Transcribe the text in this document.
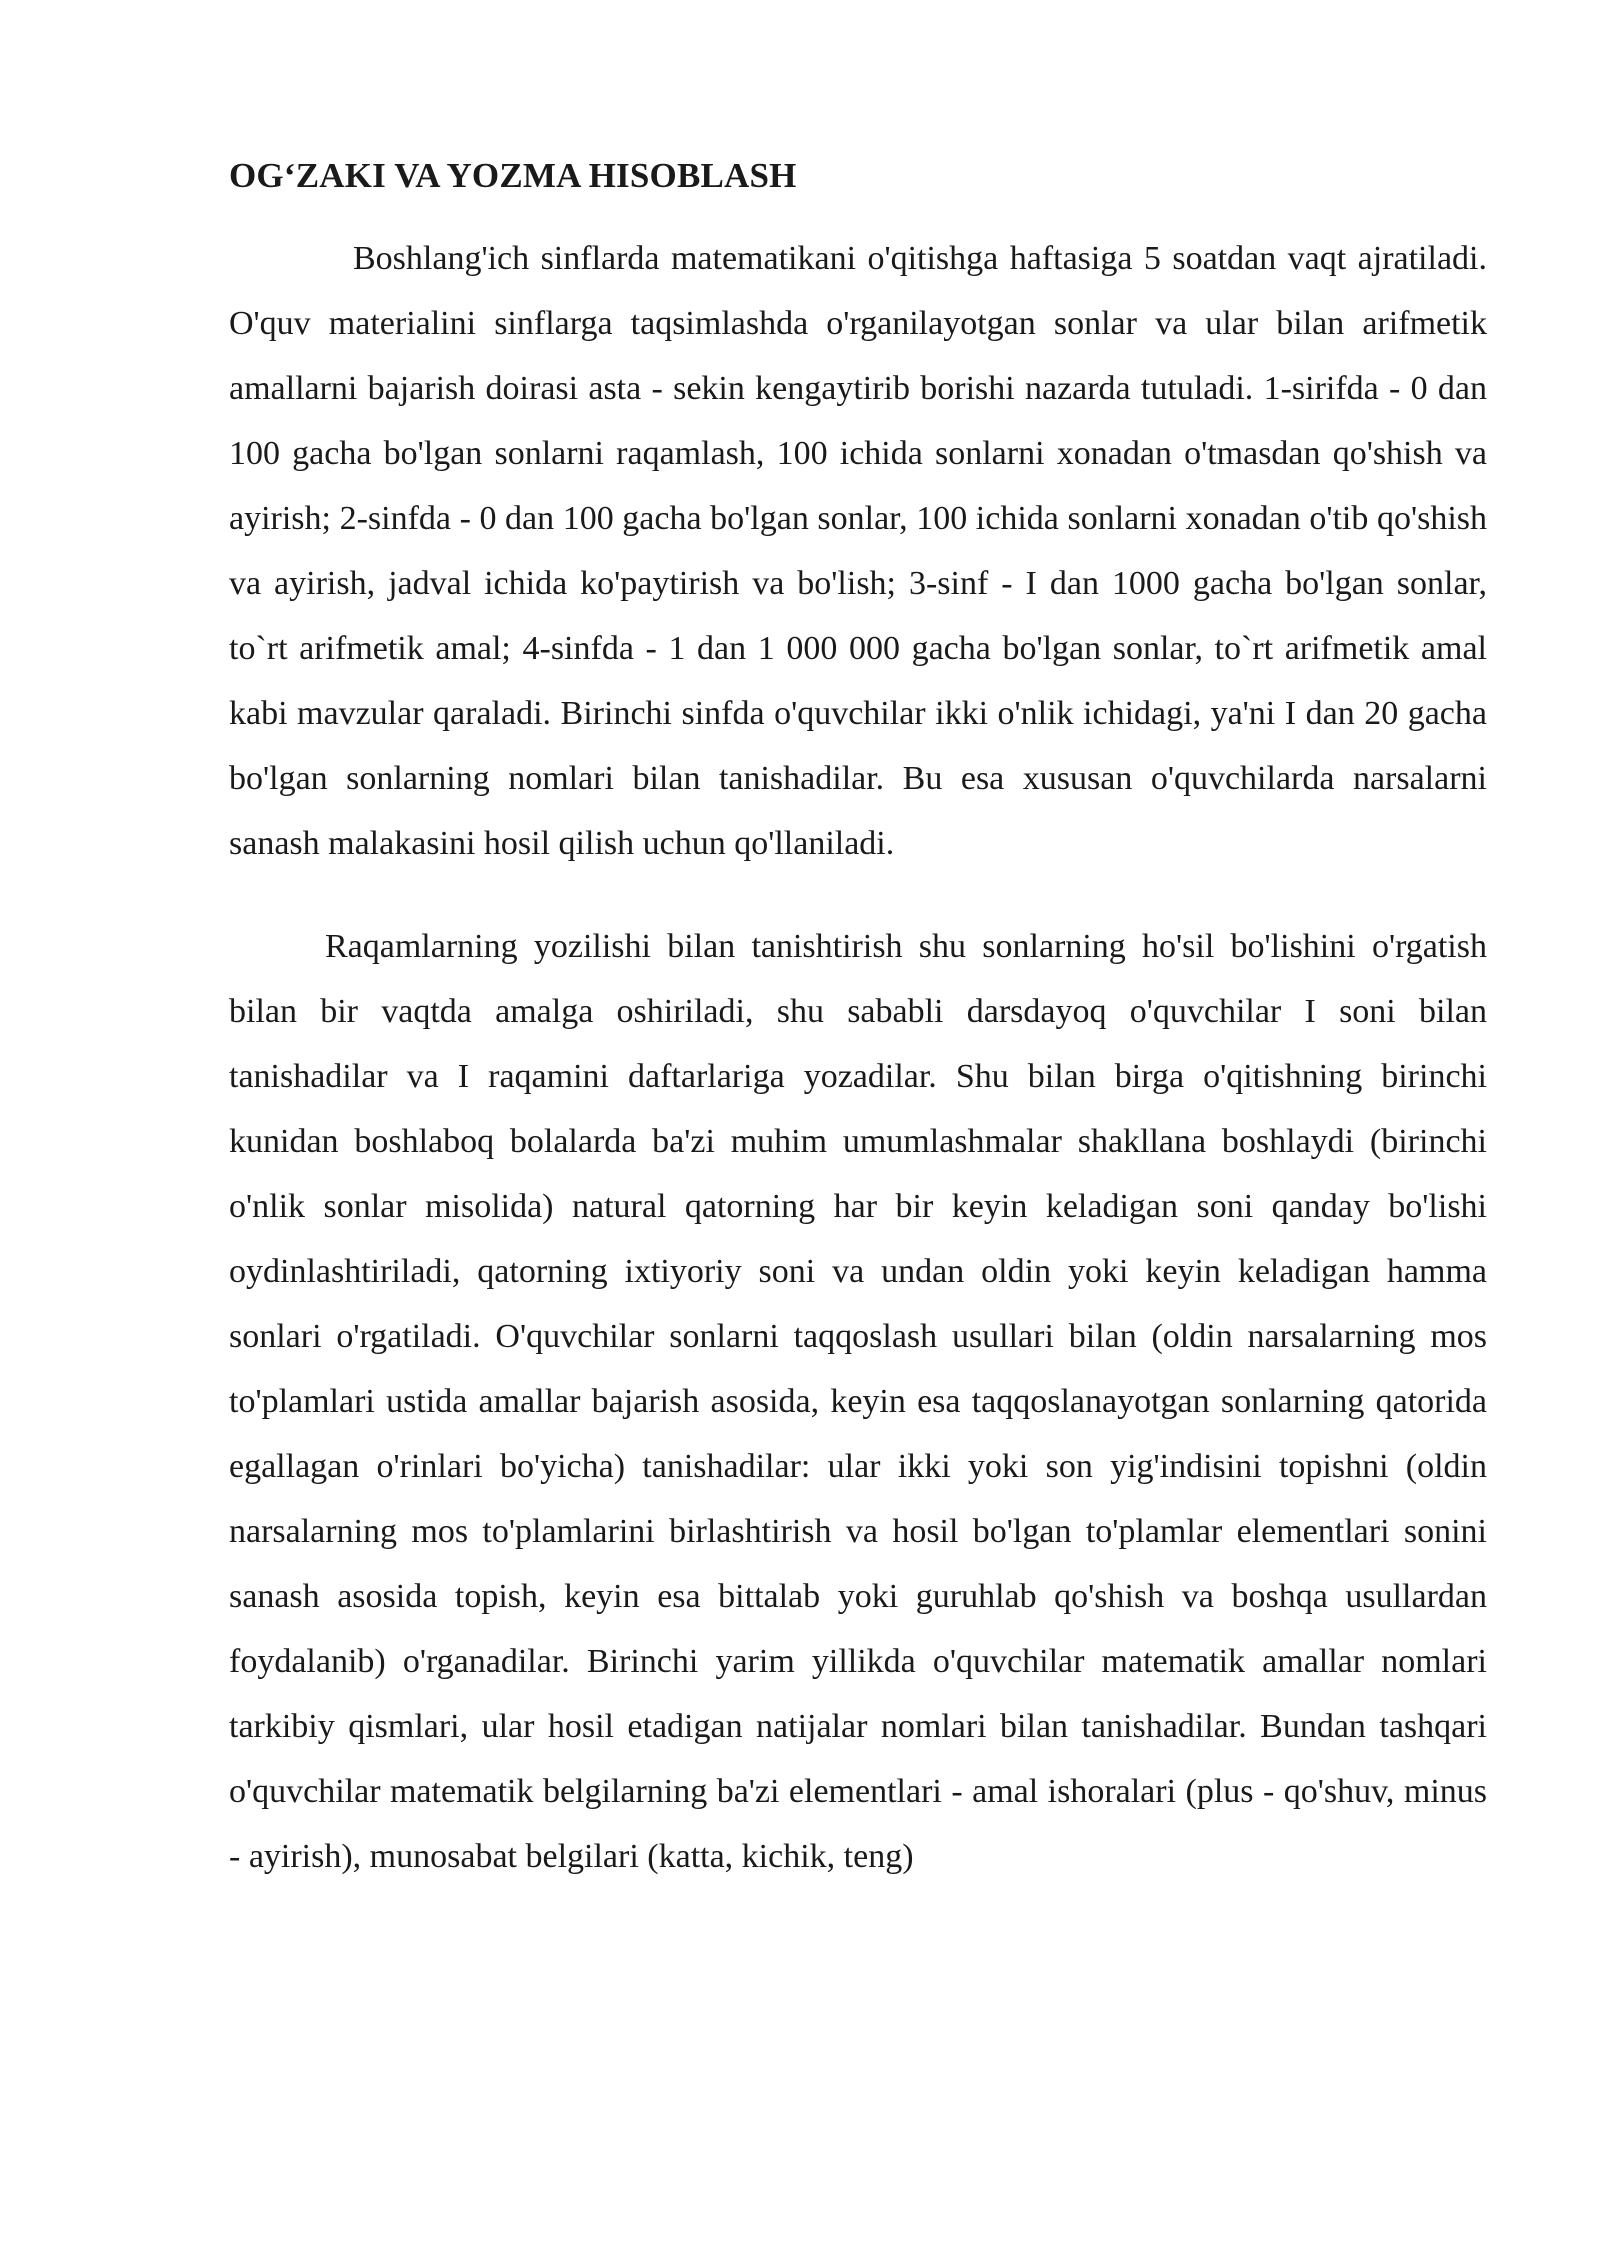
OG‘ZAKI VA YOZMA HISOBLASH

Boshlang'ich sinflarda matematikani o'qitishga haftasiga 5 soatdan vaqt ajratiladi. O'quv materialini sinflarga taqsimlashda o'rganilayotgan sonlar va ular bilan arifmetik amallarni bajarish doirasi asta - sekin kengaytirib borishi nazarda tutuladi. 1-sirifda - 0 dan 100 gacha bo'lgan sonlarni raqamlash, 100 ichida sonlarni xonadan o'tmasdan qo'shish va ayirish; 2-sinfda - 0 dan 100 gacha bo'lgan sonlar, 100 ichida sonlarni xonadan o'tib qo'shish va ayirish, jadval ichida ko'paytirish va bo'lish; 3-sinf - I dan 1000 gacha bo'lgan sonlar, to`rt arifmetik amal; 4-sinfda - 1 dan 1 000 000 gacha bo'lgan sonlar, to`rt arifmetik amal kabi mavzular qaraladi. Birinchi sinfda o'quvchilar ikki o'nlik ichidagi, ya'ni I dan 20 gacha bo'lgan sonlarning nomlari bilan tanishadilar. Bu esa xususan o'quvchilarda narsalarni sanash malakasini hosil qilish uchun qo'llaniladi.

Raqamlarning yozilishi bilan tanishtirish shu sonlarning ho'sil bo'lishini o'rgatish bilan bir vaqtda amalga oshiriladi, shu sababli darsdayoq o'quvchilar I soni bilan tanishadilar va I raqamini daftarlariga yozadilar. Shu bilan birga o'qitishning birinchi kunidan boshlaboq bolalarda ba'zi muhim umumlashmalar shakllana boshlaydi (birinchi o'nlik sonlar misolida) natural qatorning har bir keyin keladigan soni qanday bo'lishi oydinlashtiriladi, qatorning ixtiyoriy soni va undan oldin yoki keyin keladigan hamma sonlari o'rgatiladi. O'quvchilar sonlarni taqqoslash usullari bilan (oldin narsalarning mos to'plamlari ustida amallar bajarish asosida, keyin esa taqqoslanayotgan sonlarning qatorida egallagan o'rinlari bo'yicha) tanishadilar: ular ikki yoki son yig'indisini topishni (oldin narsalarning mos to'plamlarini birlashtirish va hosil bo'lgan to'plamlar elementlari sonini sanash asosida topish, keyin esa bittalab yoki guruhlab qo'shish va boshqa usullardan foydalanib) o'rganadilar. Birinchi yarim yillikda o'quvchilar matematik amallar nomlari tarkibiy qismlari, ular hosil etadigan natijalar nomlari bilan tanishadilar. Bundan tashqari o'quvchilar matematik belgilarning ba'zi elementlari - amal ishoralari (plus - qo'shuv, minus - ayirish), munosabat belgilari (katta, kichik, teng)
